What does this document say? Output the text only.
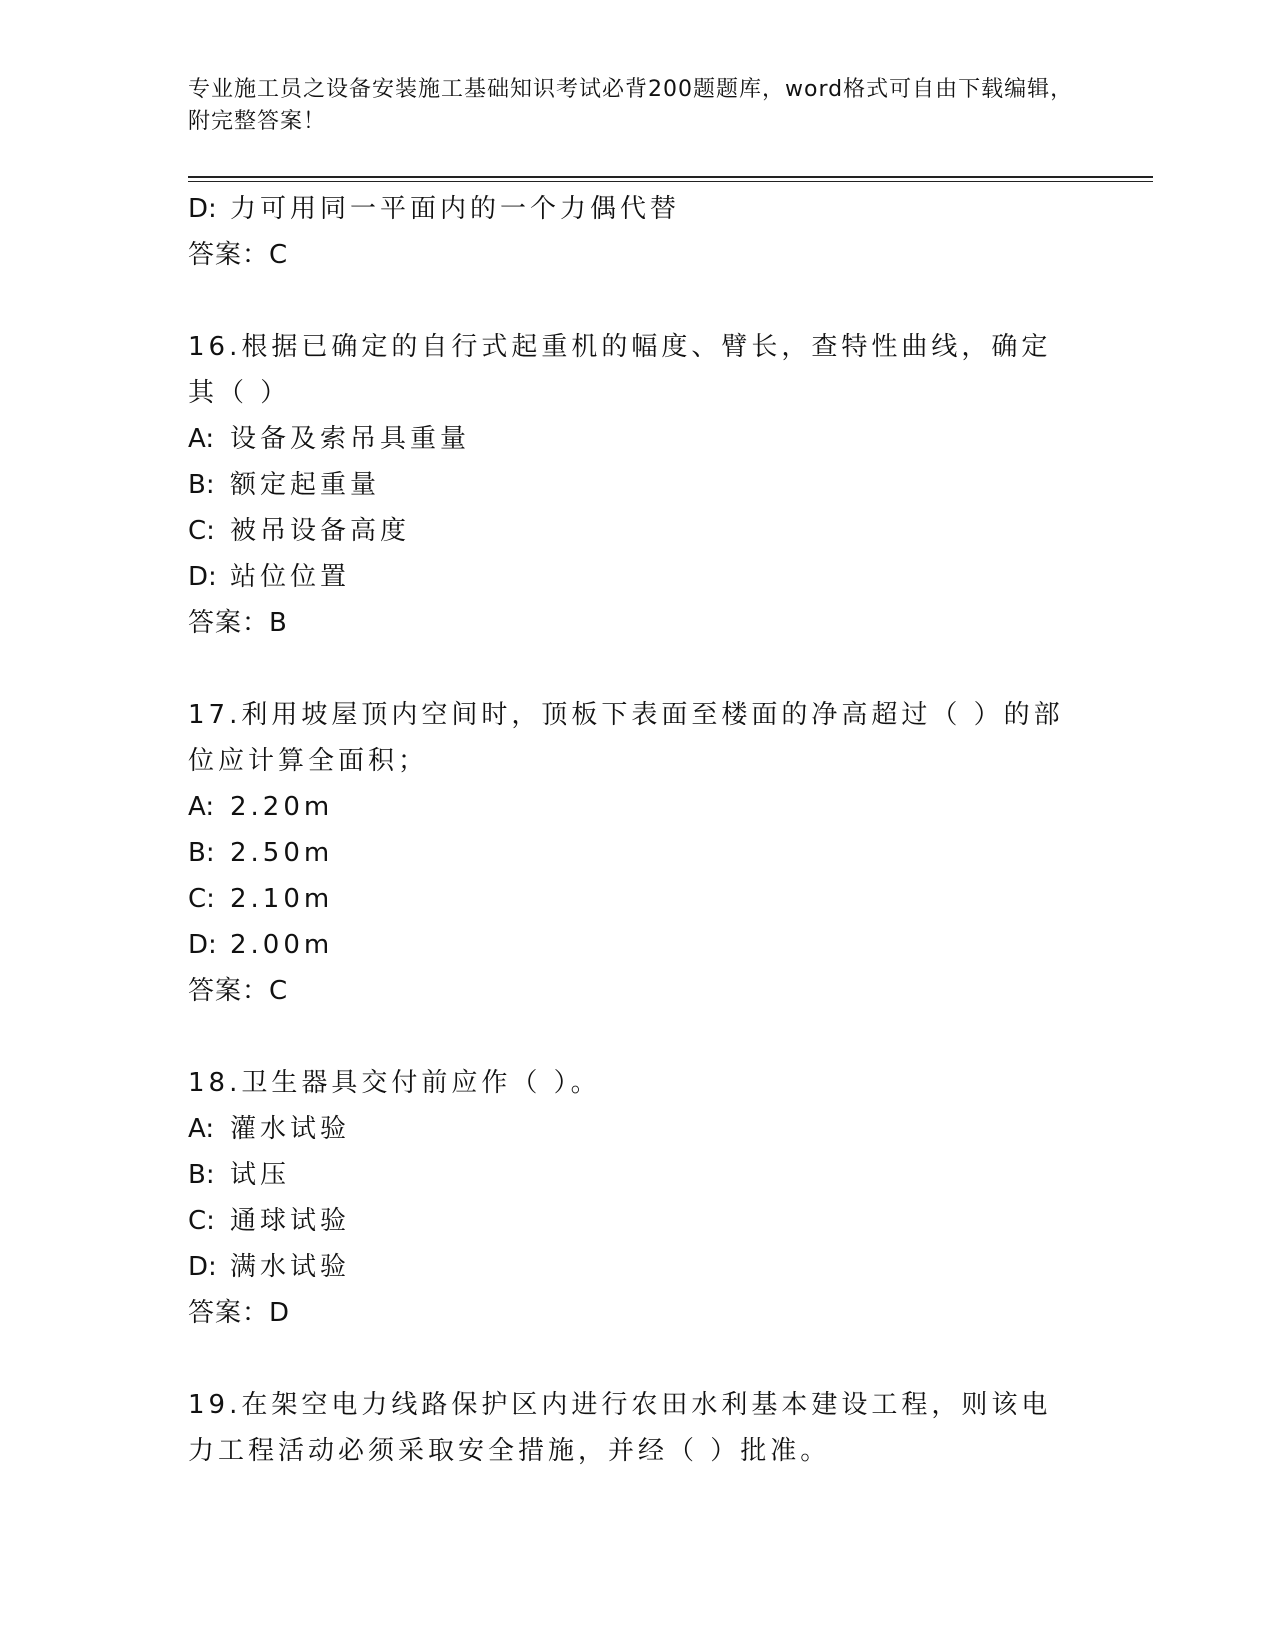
专业施工员之设备安装施工基础知识考试必背200题题库，word格式可自由下载编辑，附完整答案！
D: 力可用同一平面内的一个力偶代替
答案：C
16.根据已确定的自行式起重机的幅度、臂长，查特性曲线，确定其（ ）
A: 设备及索吊具重量
B: 额定起重量
C: 被吊设备高度
D: 站位位置
答案：B
17.利用坡屋顶内空间时，顶板下表面至楼面的净高超过（ ）的部位应计算全面积；
A: 2.20m
B: 2.50m
C: 2.10m
D: 2.00m
答案：C
18.卫生器具交付前应作（ ）。
A: 灌水试验
B: 试压
C: 通球试验
D: 满水试验
答案：D
19.在架空电力线路保护区内进行农田水利基本建设工程，则该电力工程活动必须采取安全措施，并经（ ）批准。
